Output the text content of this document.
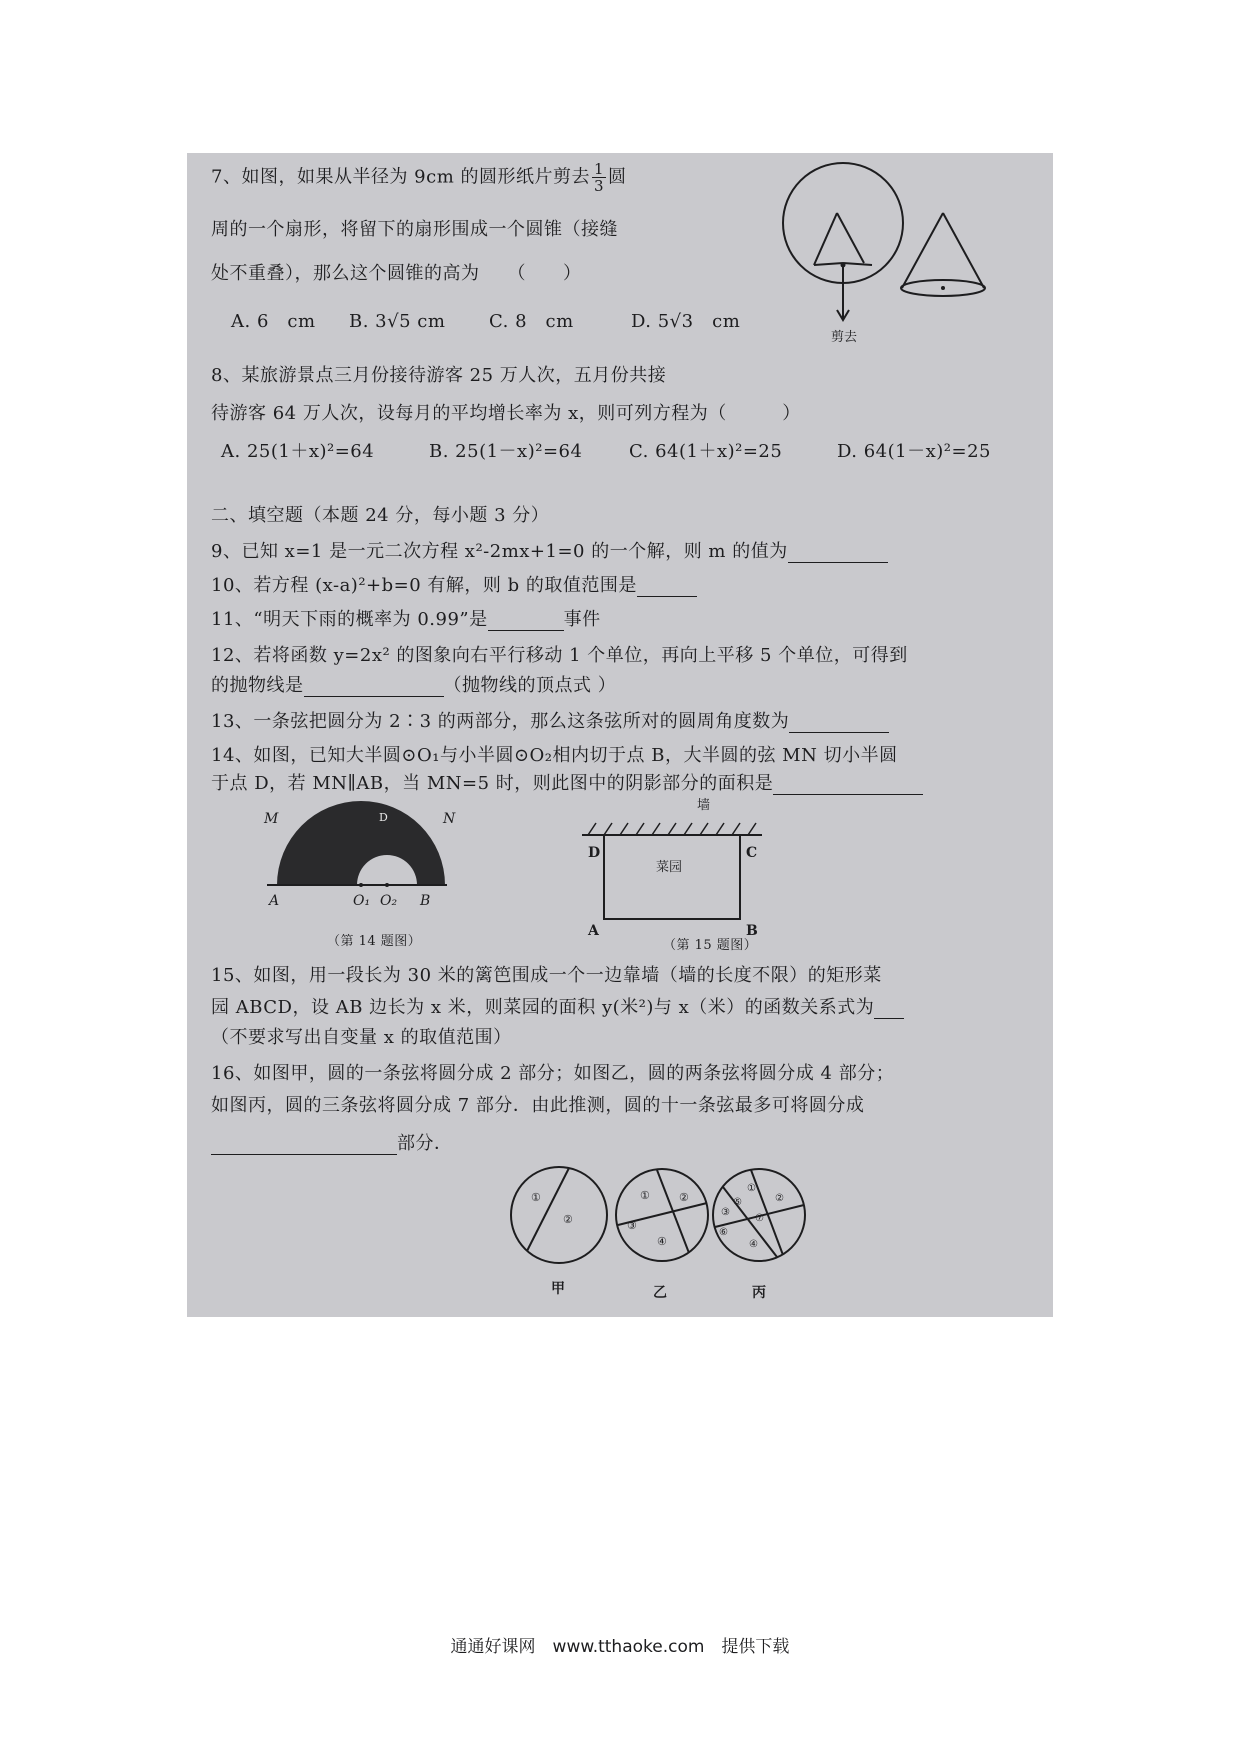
7、如图，如果从半径为 9cm 的圆形纸片剪去 $\frac{1}{3}$ 圆
周的一个扇形，将留下的扇形围成一个圆锥（接缝
处不重叠），那么这个圆锥的高为　　（　　）
A. 6　cm B. 3√5 cm C. 8　cm	D. 5√3　cm
剪去
8、某旅游景点三月份接待游客 25 万人次，五月份共接
待游客 64 万人次，设每月的平均增长率为 x，则可列方程为（　　　）
A. 25(1＋x)²=64	B. 25(1－x)²=64	C. 64(1＋x)²=25	D. 64(1－x)²=25
二、填空题（本题 24 分，每小题 3 分）
9、已知 x=1 是一元二次方程 x²-2mx+1=0 的一个解，则 m 的值为
10、若方程 (x-a)²+b=0 有解，则 b 的取值范围是
11、“明天下雨的概率为 0.99”是	事件
12、若将函数 y=2x² 的图象向右平行移动 1 个单位，再向上平移 5 个单位，可得到
的抛物线是	（抛物线的顶点式 ）
13、一条弦把圆分为 2∶3 的两部分，那么这条弦所对的圆周角度数为
14、如图，已知大半圆⊙O₁与小半圆⊙O₂相内切于点 B，大半圆的弦 MN 切小半圆
于点 D，若 MN∥AB，当 MN=5 时，则此图中的阴影部分的面积是
M	N
D
A	O₁ O₂ B
（第 14 题图）
墙
D	C
A	B
菜园
（第 15 题图）
15、如图，用一段长为 30 米的篱笆围成一个一边靠墙（墙的长度不限）的矩形菜
园 ABCD，设 AB 边长为 x 米，则菜园的面积 y(米²)与 x（米）的函数关系式为
（不要求写出自变量 x 的取值范围）
16、如图甲，圆的一条弦将圆分成 2 部分；如图乙，圆的两条弦将圆分成 4 部分；
如图丙，圆的三条弦将圆分成 7 部分．由此推测，圆的十一条弦最多可将圆分成
部分．
①
②
甲
①	②
③
④
乙
①
②
③
④
⑤
⑥
⑦
丙
通通好课网　www.tthaoke.com　提供下载
